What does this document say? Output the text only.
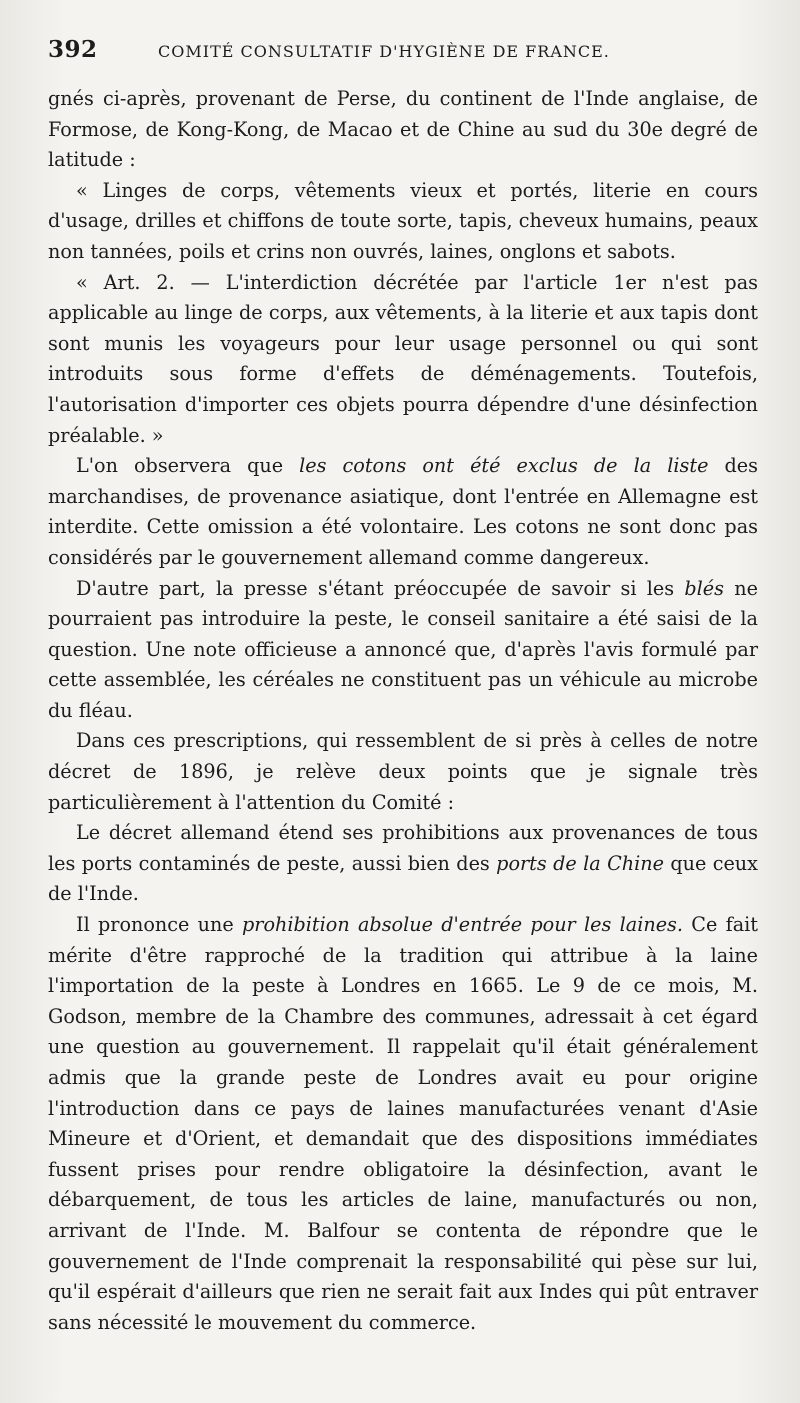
392	COMITÉ CONSULTATIF D'HYGIÈNE DE FRANCE.

gnés ci-après, provenant de Perse, du continent de l'Inde anglaise, de Formose, de Kong-Kong, de Macao et de Chine au sud du 30e degré de latitude :

« Linges de corps, vêtements vieux et portés, literie en cours d'usage, drilles et chiffons de toute sorte, tapis, cheveux humains, peaux non tannées, poils et crins non ouvrés, laines, onglons et sabots.

« Art. 2. — L'interdiction décrétée par l'article 1er n'est pas applicable au linge de corps, aux vêtements, à la literie et aux tapis dont sont munis les voyageurs pour leur usage personnel ou qui sont introduits sous forme d'effets de déménagements. Toutefois, l'autorisation d'importer ces objets pourra dépendre d'une désinfection préalable. »

L'on observera que les cotons ont été exclus de la liste des marchandises, de provenance asiatique, dont l'entrée en Allemagne est interdite. Cette omission a été volontaire. Les cotons ne sont donc pas considérés par le gouvernement allemand comme dangereux.

D'autre part, la presse s'étant préoccupée de savoir si les blés ne pourraient pas introduire la peste, le conseil sanitaire a été saisi de la question. Une note officieuse a annoncé que, d'après l'avis formulé par cette assemblée, les céréales ne constituent pas un véhicule au microbe du fléau.

Dans ces prescriptions, qui ressemblent de si près à celles de notre décret de 1896, je relève deux points que je signale très particulièrement à l'attention du Comité :

Le décret allemand étend ses prohibitions aux provenances de tous les ports contaminés de peste, aussi bien des ports de la Chine que ceux de l'Inde.

Il prononce une prohibition absolue d'entrée pour les laines. Ce fait mérite d'être rapproché de la tradition qui attribue à la laine l'importation de la peste à Londres en 1665. Le 9 de ce mois, M. Godson, membre de la Chambre des communes, adressait à cet égard une question au gouvernement. Il rappelait qu'il était généralement admis que la grande peste de Londres avait eu pour origine l'introduction dans ce pays de laines manufacturées venant d'Asie Mineure et d'Orient, et demandait que des dispositions immédiates fussent prises pour rendre obligatoire la désinfection, avant le débarquement, de tous les articles de laine, manufacturés ou non, arrivant de l'Inde. M. Balfour se contenta de répondre que le gouvernement de l'Inde comprenait la responsabilité qui pèse sur lui, qu'il espérait d'ailleurs que rien ne serait fait aux Indes qui pût entraver sans nécessité le mouvement du commerce.
